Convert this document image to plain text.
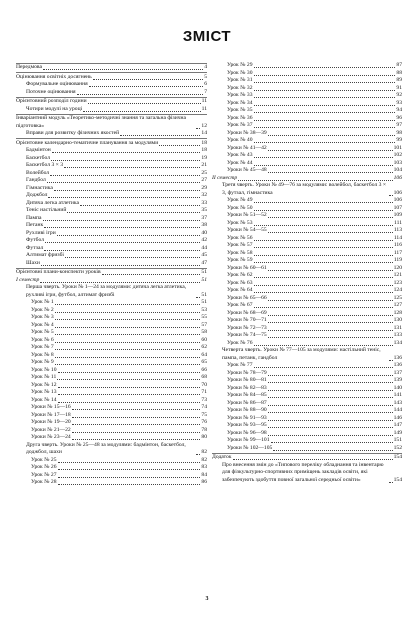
ЗМІСТ
Передмова	4
Оцінювання освітніх досягнень	5
Формувальне оцінювання	6
Поточне оцінювання	7
Орієнтовний розподіл години	11
Чотири модулі на уроці	11
Інваріантний модуль «Теоретико-методичні знання та загальна фізична підготовка»	12
Вправи для розвитку фізичних якостей	14
Орієнтовне календарно-тематичне планування за модулями	18
Бадмінтон	18
Баскетбол	19
Баскетбол 3 × 3	21
Волейбол	25
Гандбол	27
Гімнастика	29
Доджбол	32
Дитяча легка атлетика	33
Теніс настільний	35
Пампа	37
Петанк	38
Рухливі ігри	40
Футбол	42
Футзал	44
Алтимат фризбі	45
Шахи	47
Орієнтовні плани-конспекти уроків	51
I семестр	51
Перша чверть. Уроки № 1—24 за модулями: дитяча легка атлетика, рухливі ігри, футбол, алтимат фризбі	51
Урок № 1	51
Урок № 2	53
Урок № 3	55
Урок № 4	57
Урок № 5	58
Урок № 6	60
Урок № 7	62
Урок № 8	64
Урок № 9	65
Урок № 10	66
Урок № 11	68
Урок № 12	70
Урок № 13	71
Урок № 14	73
Уроки № 15—16	74
Уроки № 17—18	75
Уроки № 19—20	76
Уроки № 21—22	78
Уроки № 23—24	80
Друга чверть. Уроки № 25—48 за модулями: бадмінтон, баскетбол, доджбол, шахи	82
Урок № 25	82
Урок № 26	83
Урок № 27	84
Урок № 28	86
Урок № 29	87
Урок № 30	88
Урок № 31	89
Урок № 32	91
Урок № 33	92
Урок № 34	93
Урок № 35	94
Урок № 36	96
Урок № 37	97
Уроки № 38—39	98
Урок № 40	99
Уроки № 41—42	101
Урок № 43	102
Урок № 44	103
Уроки № 45—48	104
II семестр	106
Третя чверть. Уроки № 49—76 за модулями: волейбол, баскетбол 3 × 3, футзал, гімнастика	106
Урок № 49	106
Урок № 50	107
Уроки № 51—52	109
Урок № 53	111
Уроки № 54—55	113
Урок № 56	114
Урок № 57	116
Урок № 58	117
Урок № 59	119
Уроки № 60—61	120
Урок № 62	121
Урок № 63	123
Урок № 64	124
Уроки № 65—66	125
Урок № 67	127
Уроки № 68—69	128
Уроки № 70—71	130
Уроки № 72—73	131
Уроки № 74—75	133
Урок № 76	134
Четверта чверть. Уроки № 77—105 за модулями: настільний теніс, пампа, петанк, гандбол	136
Урок № 77	136
Уроки № 78—79	137
Уроки № 80—81	139
Уроки № 82—83	140
Уроки № 84—85	141
Уроки № 86—87	143
Уроки № 88—90	144
Уроки № 91—93	146
Уроки № 93—95	147
Уроки № 96—98	149
Уроки № 99—101	151
Уроки № 102—105	152
Додаток	154
Про внесення змін до «Типового переліку обладнання та інвентарю для фізкультурно-спортивних приміщень закладів освіти, які забезпечують здобуття повної загальної середньої освіти»	154
3
